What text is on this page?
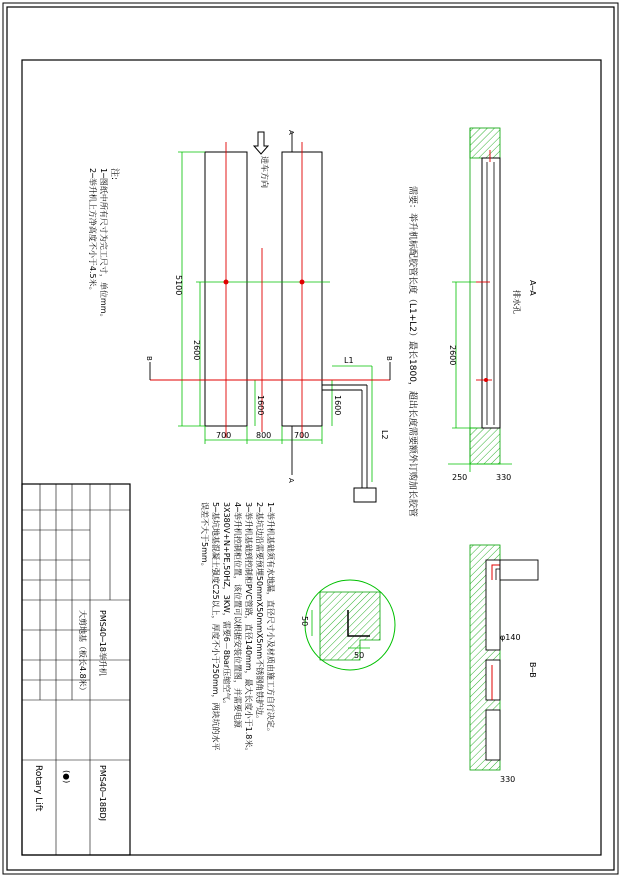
注:
1─图纸中所有尺寸为完工尺寸，单位mm。
2─举升机上方净高度不小于4.5米。	进车方向
5100
2600
1600	1600
700	800	700
L1
L2
A
A
B	B 需要：举升机标配胶管长度（L1+L2）最长1800，超出长度需要额外订购加长胶管	A─A
排水孔
2600
250	330
φ140
330
B─B
50
50
1─举升机基础须有水地漏，直径尺寸小及材质由施工方自行决定。
2─基坑边沿需要预埋50mmX50mmX5mm不锈钢角铁护边。
3─举升机基础到控制柜PVC管路，直径140mm，最大长度小于1.8米。
4─举升机控制柜位置，该位置可以根据安装位置图，并需要电源
3X380V+N+PE,50HZ，3KW，需要6－8bar压缩空气。
5─基坑地基混凝土强度C25以上，厚度不小于250mm，两块坑的水平
误差不大于5mm。
PMS40─18举升机
大剪地基（板长4.8米）
PMS40─18BDJ
(●)
Rotary Lift
